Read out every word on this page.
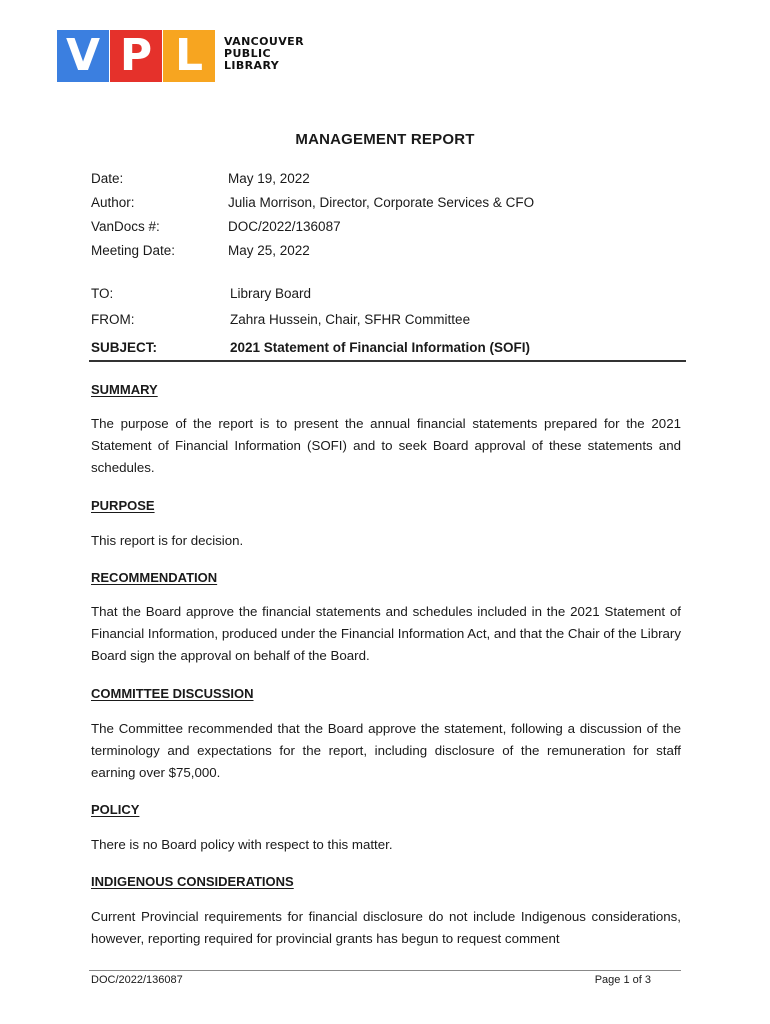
V P L	VANCOUVER
PUBLIC
LIBRARY
MANAGEMENT REPORT
Date:	May 19, 2022
Author:	Julia Morrison, Director, Corporate Services & CFO
VanDocs #:	DOC/2022/136087
Meeting Date:	May 25, 2022
TO:	Library Board
FROM:	Zahra Hussein, Chair, SFHR Committee
SUBJECT:	2021 Statement of Financial Information (SOFI)
SUMMARY
The purpose of the report is to present the annual financial statements prepared for the 2021 Statement of Financial Information (SOFI) and to seek Board approval of these statements and schedules.
PURPOSE
This report is for decision.
RECOMMENDATION
That the Board approve the financial statements and schedules included in the 2021 Statement of Financial Information, produced under the Financial Information Act, and that the Chair of the Library Board sign the approval on behalf of the Board.
COMMITTEE DISCUSSION
The Committee recommended that the Board approve the statement, following a discussion of the terminology and expectations for the report, including disclosure of the remuneration for staff earning over $75,000.
POLICY
There is no Board policy with respect to this matter.
INDIGENOUS CONSIDERATIONS
Current Provincial requirements for financial disclosure do not include Indigenous considerations, however, reporting required for provincial grants has begun to request comment
DOC/2022/136087	Page 1 of 3
